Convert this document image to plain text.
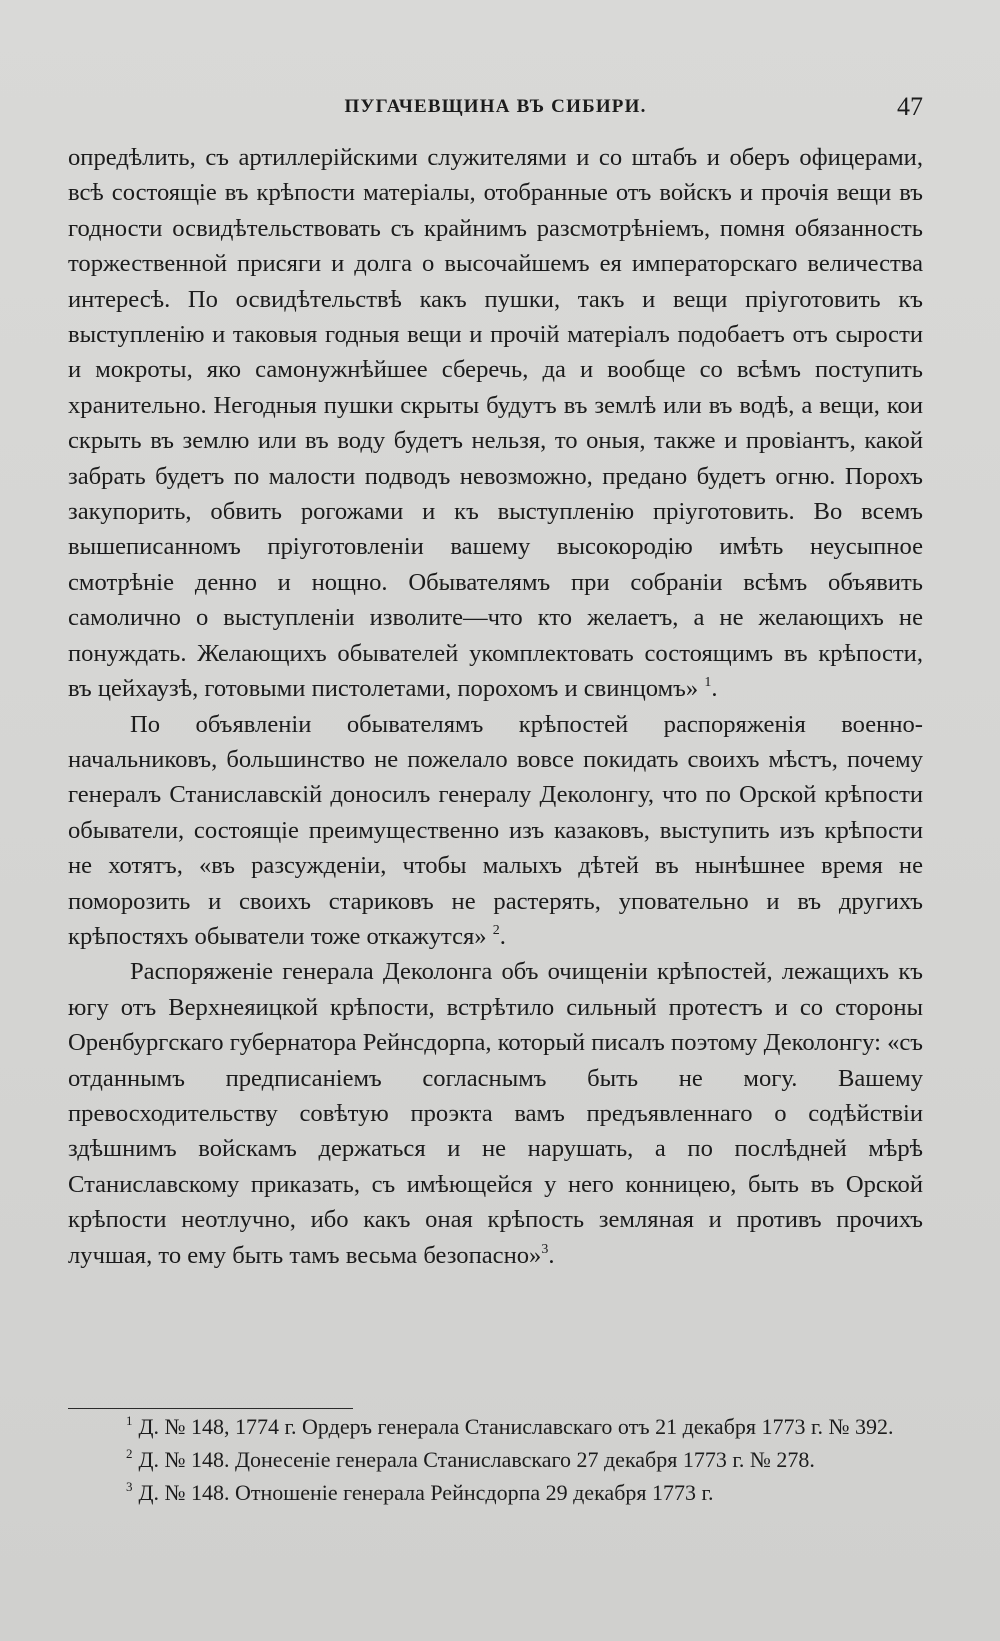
ПУГАЧЕВЩИНА ВЪ СИБИРИ.	47

опредѣлить, съ артиллерійскими служителями и со штабъ и оберъ офицерами, всѣ состоящіе въ крѣпости матеріалы, отобранные отъ войскъ и прочія вещи въ годности освидѣтельствовать съ крайнимъ разсмотрѣніемъ, помня обязанность торжественной присяги и долга о высочайшемъ ея императорскаго величества интересѣ. По освидѣтельствѣ какъ пушки, такъ и вещи пріуготовить къ выступленію и таковыя годныя вещи и прочій матеріалъ подобаетъ отъ сырости и мокроты, яко самонужнѣйшее сберечь, да и вообще со всѣмъ поступить хранительно. Негодныя пушки скрыты будутъ въ землѣ или въ водѣ, а вещи, кои скрыть въ землю или въ воду будетъ нельзя, то оныя, также и провіантъ, какой забрать будетъ по малости подводъ невозможно, предано будетъ огню. Порохъ закупорить, обвить рогожами и къ выступленію пріуготовить. Во всемъ вышеписанномъ пріуготовленіи вашему высокородію имѣть неусыпное смотрѣніе денно и нощно. Обывателямъ при собраніи всѣмъ объявить самолично о выступленіи изволите—что кто желаетъ, а не желающихъ не понуждать. Желающихъ обывателей укомплектовать состоящимъ въ крѣпости, въ цейхаузѣ, готовыми пистолетами, порохомъ и свинцомъ» $^1$.

По объявленіи обывателямъ крѣпостей распоряженія военно-начальниковъ, большинство не пожелало вовсе покидать своихъ мѣстъ, почему генералъ Станиславскій доносилъ генералу Деколонгу, что по Орской крѣпости обыватели, состоящіе преимущественно изъ казаковъ, выступить изъ крѣпости не хотятъ, «въ разсужденіи, чтобы малыхъ дѣтей въ нынѣшнее время не поморозить и своихъ стариковъ не растерять, уповательно и въ другихъ крѣпостяхъ обыватели тоже откажутся» $^2$.

Распоряженіе генерала Деколонга объ очищеніи крѣпостей, лежащихъ къ югу отъ Верхнеяицкой крѣпости, встрѣтило сильный протестъ и со стороны Оренбургскаго губернатора Рейнсдорпа, который писалъ поэтому Деколонгу: «съ отданнымъ предписаніемъ согласнымъ быть не могу. Вашему превосходительству совѣтую проэкта вамъ предъявленнаго о содѣйствіи здѣшнимъ войскамъ держаться и не нарушать, а по послѣдней мѣрѣ Станиславскому приказать, съ имѣющейся у него конницею, быть въ Орской крѣпости неотлучно, ибо какъ оная крѣпость земляная и противъ прочихъ лучшая, то ему быть тамъ весьма безопасно»$^3$.

$^1$ Д. № 148, 1774 г. Ордеръ генерала Станиславскаго отъ 21 декабря 1773 г. № 392.
$^2$ Д. № 148. Донесеніе генерала Станиславскаго 27 декабря 1773 г. № 278.
$^3$ Д. № 148. Отношеніе генерала Рейнсдорпа 29 декабря 1773 г.
